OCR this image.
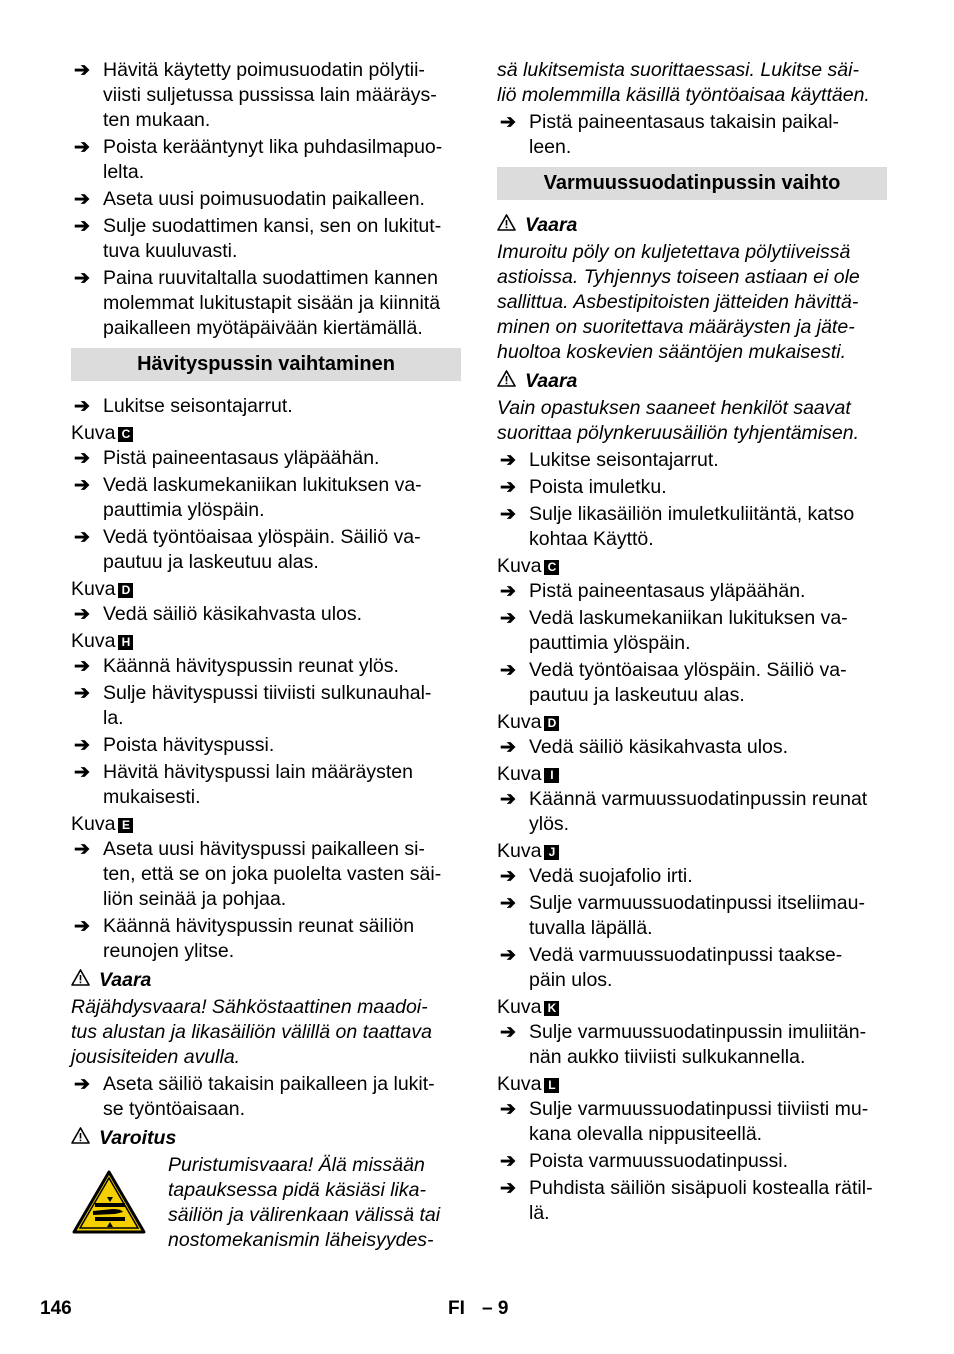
➔ Hävitä käytetty poimusuodatin pölytii-
viisti suljetussa pussissa lain määräys-
ten mukaan.
➔ Poista kerääntynyt lika puhdasilmapuo-
lelta.
➔ Aseta uusi poimusuodatin paikalleen.
➔ Sulje suodattimen kansi, sen on lukitut-
tuva kuuluvasti.
➔ Paina ruuvitaltalla suodattimen kannen
molemmat lukitustapit sisään ja kiinnitä
paikalleen myötäpäivään kiertämällä.
Hävityspussin vaihtaminen
➔ Lukitse seisontajarrut.
Kuva C
➔ Pistä paineentasaus yläpäähän.
➔ Vedä laskumekaniikan lukituksen va-
pauttimia ylöspäin.
➔ Vedä työntöaisaa ylöspäin. Säiliö va-
pautuu ja laskeutuu alas.
Kuva D
➔ Vedä säiliö käsikahvasta ulos.
Kuva H
➔ Käännä hävityspussin reunat ylös.
➔ Sulje hävityspussi tiiviisti sulkunauhal-
la.
➔ Poista hävityspussi.
➔ Hävitä hävityspussi lain määräysten
mukaisesti.
Kuva E
➔ Aseta uusi hävityspussi paikalleen si-
ten, että se on joka puolelta vasten säi-
liön seinää ja pohjaa.
➔ Käännä hävityspussin reunat säiliön
reunojen ylitse.
Vaara
Räjähdysvaara! Sähköstaattinen maadoi-
tus alustan ja likasäiliön välillä on taattava
jousisiteiden avulla.
➔ Aseta säiliö takaisin paikalleen ja lukit-
se työntöaisaan.
Varoitus
Puristumisvaara! Älä missään
tapauksessa pidä käsiäsi lika-
säiliön ja välirenkaan välissä tai
nostomekanismin läheisyydes-
sä lukitsemista suorittaessasi. Lukitse säi-
liö molemmilla käsillä työntöaisaa käyttäen.
➔ Pistä paineentasaus takaisin paikal-
leen.
Varmuussuodatinpussin vaihto
Vaara
Imuroitu pöly on kuljetettava pölytiiveissä
astioissa. Tyhjennys toiseen astiaan ei ole
sallittua. Asbestipitoisten jätteiden hävittä-
minen on suoritettava määräysten ja jäte-
huoltoa koskevien sääntöjen mukaisesti.
Vaara
Vain opastuksen saaneet henkilöt saavat
suorittaa pölynkeruusäiliön tyhjentämisen.
➔ Lukitse seisontajarrut.
➔ Poista imuletku.
➔ Sulje likasäiliön imuletkuliitäntä, katso
kohtaa Käyttö.
Kuva C
➔ Pistä paineentasaus yläpäähän.
➔ Vedä laskumekaniikan lukituksen va-
pauttimia ylöspäin.
➔ Vedä työntöaisaa ylöspäin. Säiliö va-
pautuu ja laskeutuu alas.
Kuva D
➔ Vedä säiliö käsikahvasta ulos.
Kuva I
➔ Käännä varmuussuodatinpussin reunat
ylös.
Kuva J
➔ Vedä suojafolio irti.
➔ Sulje varmuussuodatinpussi itseliimau-
tuvalla läpällä.
➔ Vedä varmuussuodatinpussi taakse-
päin ulos.
Kuva K
➔ Sulje varmuussuodatinpussin imuliitän-
nän aukko tiiviisti sulkukannella.
Kuva L
➔ Sulje varmuussuodatinpussi tiiviisti mu-
kana olevalla nippusiteellä.
➔ Poista varmuussuodatinpussi.
➔ Puhdista säiliön sisäpuoli kostealla rätil-
lä.
146	FI – 9
